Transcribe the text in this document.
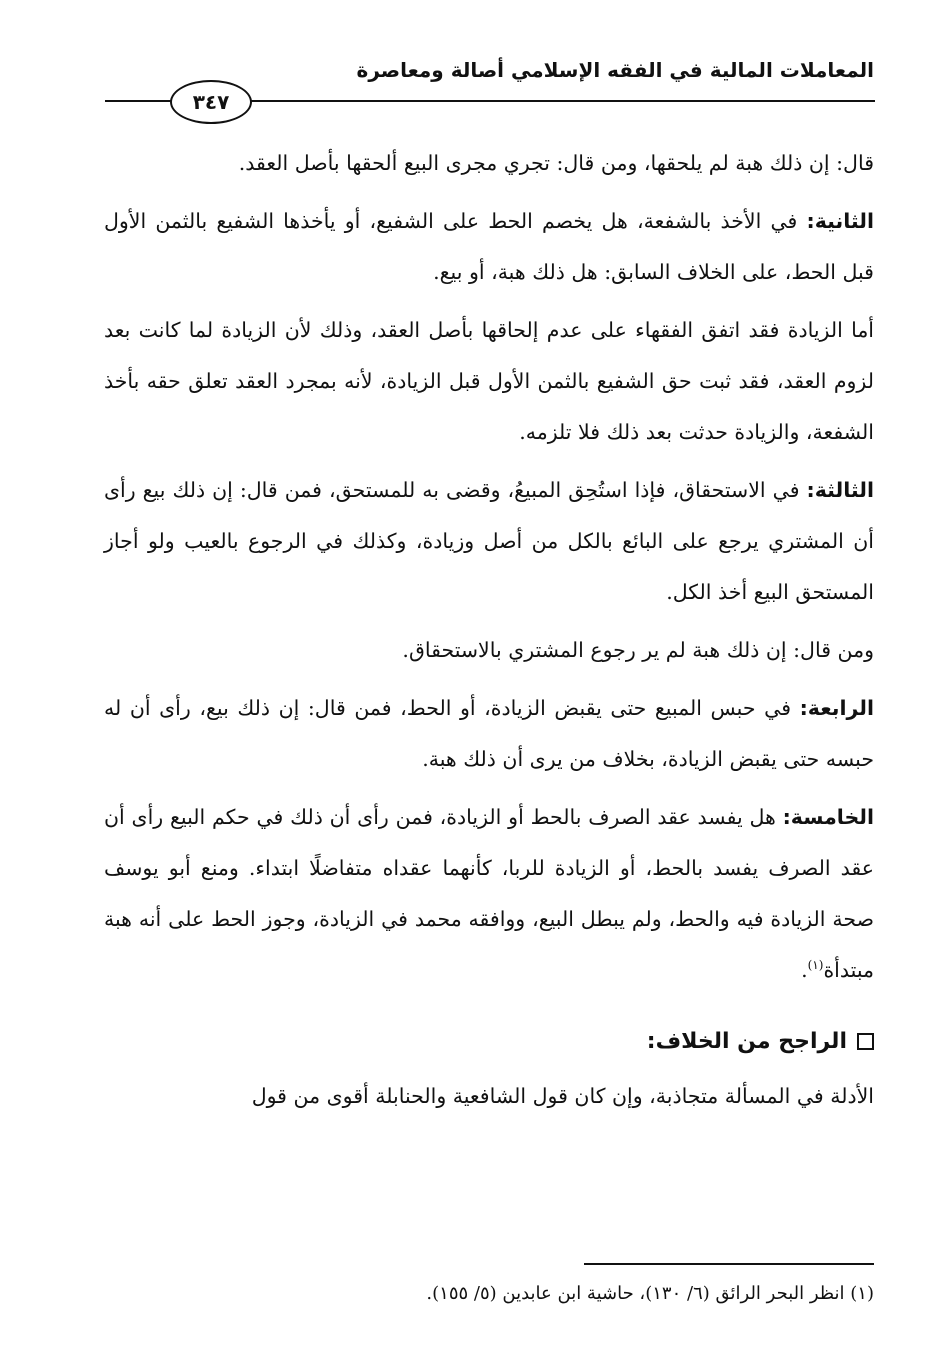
المعاملات المالية في الفقه الإسلامي أصالة ومعاصرة
٣٤٧

قال: إن ذلك هبة لم يلحقها، ومن قال: تجري مجرى البيع ألحقها بأصل العقد.

الثانية: في الأخذ بالشفعة، هل يخصم الحط على الشفيع، أو يأخذها الشفيع بالثمن الأول قبل الحط، على الخلاف السابق: هل ذلك هبة، أو بيع.

أما الزيادة فقد اتفق الفقهاء على عدم إلحاقها بأصل العقد، وذلك لأن الزيادة لما كانت بعد لزوم العقد، فقد ثبت حق الشفيع بالثمن الأول قبل الزيادة، لأنه بمجرد العقد تعلق حقه بأخذ الشفعة، والزيادة حدثت بعد ذلك فلا تلزمه.

الثالثة: في الاستحقاق، فإذا استُحِق المبيعُ، وقضى به للمستحق، فمن قال: إن ذلك بيع رأى أن المشتري يرجع على البائع بالكل من أصل وزيادة، وكذلك في الرجوع بالعيب ولو أجاز المستحق البيع أخذ الكل.

ومن قال: إن ذلك هبة لم ير رجوع المشتري بالاستحقاق.

الرابعة: في حبس المبيع حتى يقبض الزيادة، أو الحط، فمن قال: إن ذلك بيع، رأى أن له حبسه حتى يقبض الزيادة، بخلاف من يرى أن ذلك هبة.

الخامسة: هل يفسد عقد الصرف بالحط أو الزيادة، فمن رأى أن ذلك في حكم البيع رأى أن عقد الصرف يفسد بالحط، أو الزيادة للربا، كأنهما عقداه متفاضلًا ابتداء. ومنع أبو يوسف صحة الزيادة فيه والحط، ولم يبطل البيع، ووافقه محمد في الزيادة، وجوز الحط على أنه هبة مبتدأة$^{(١)}$.

الراجح من الخلاف:

الأدلة في المسألة متجاذبة، وإن كان قول الشافعية والحنابلة أقوى من قول

(١) انظر البحر الرائق (٦/ ١٣٠)، حاشية ابن عابدين (٥/ ١٥٥).
